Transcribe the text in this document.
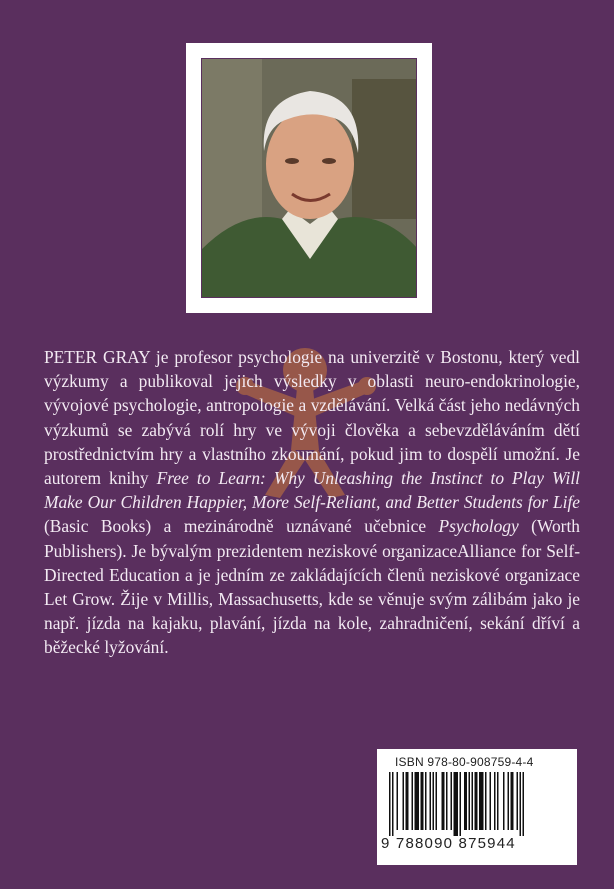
PETER GRAY je profesor psychologie na univerzitě v Bostonu, který vedl výzkumy a publikoval jejich výsledky v oblasti neuro-endokrinologie, vývojové psychologie, antropologie a vzdělávání. Velká část jeho nedávných výzkumů se zabývá rolí hry ve vývoji člověka a sebevzděláváním dětí prostřednictvím hry a vlastního zkoumání, pokud jim to dospělí umožní. Je autorem knihy Free to Learn: Why Unleashing the Instinct to Play Will Make Our Children Happier, More Self-Reliant, and Better Students for Life (Basic Books) a mezinárodně uznávané učebnice Psychology (Worth Publishers). Je bývalým prezidentem neziskové organizaceAlliance for Self-Directed Education a je jedním ze zakládajících členů neziskové organizace Let Grow. Žije v Millis, Massachusetts, kde se věnuje svým zálibám jako je např. jízda na kajaku, plavání, jízda na kole, zahradničení, sekání dříví a běžecké lyžování.

ISBN 978-80-908759-4-4
9 788090 875944
